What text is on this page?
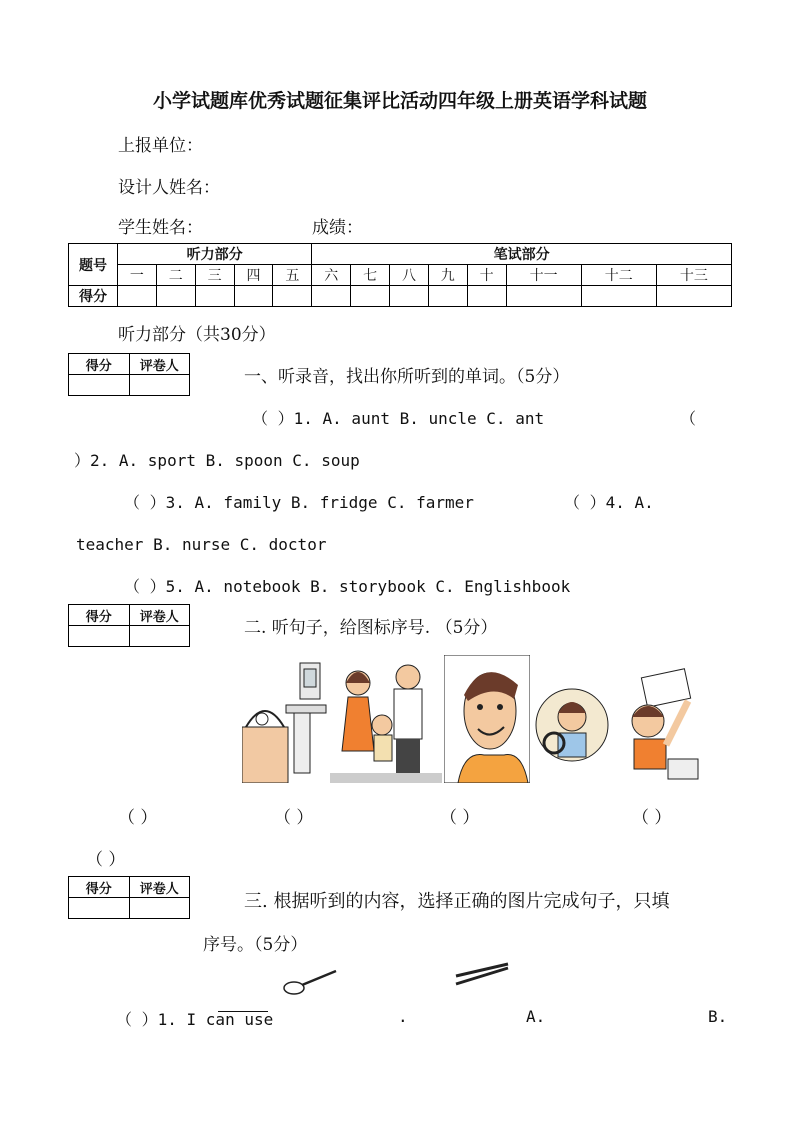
小学试题库优秀试题征集评比活动四年级上册英语学科试题
上报单位：
设计人姓名：
学生姓名：	成绩：
题号	听力部分					笔试部分							
	一	二	三	四	五	六	七	八	九	十	十一	十二	十三
得分													
听力部分（共30分）
得分	评卷人

一、听录音，找出你所听到的单词。（5分）
（ ）1. A. aunt B. uncle C. ant	（
）2. A. sport B. spoon C. soup
（ ）3. A. family B. fridge C. farmer	（ ）4. A.
teacher B. nurse C. doctor
（ ）5. A. notebook B. storybook C. Englishbook
得分	评卷人

二. 听句子，给图标序号. （5分）
（ ）	（ ）	（ ）	（ ）
（ ）
得分	评卷人

三. 根据听到的内容，选择正确的图片完成句子，只填
序号。（5分）
（ ）1. I can use	.	A.	B.
